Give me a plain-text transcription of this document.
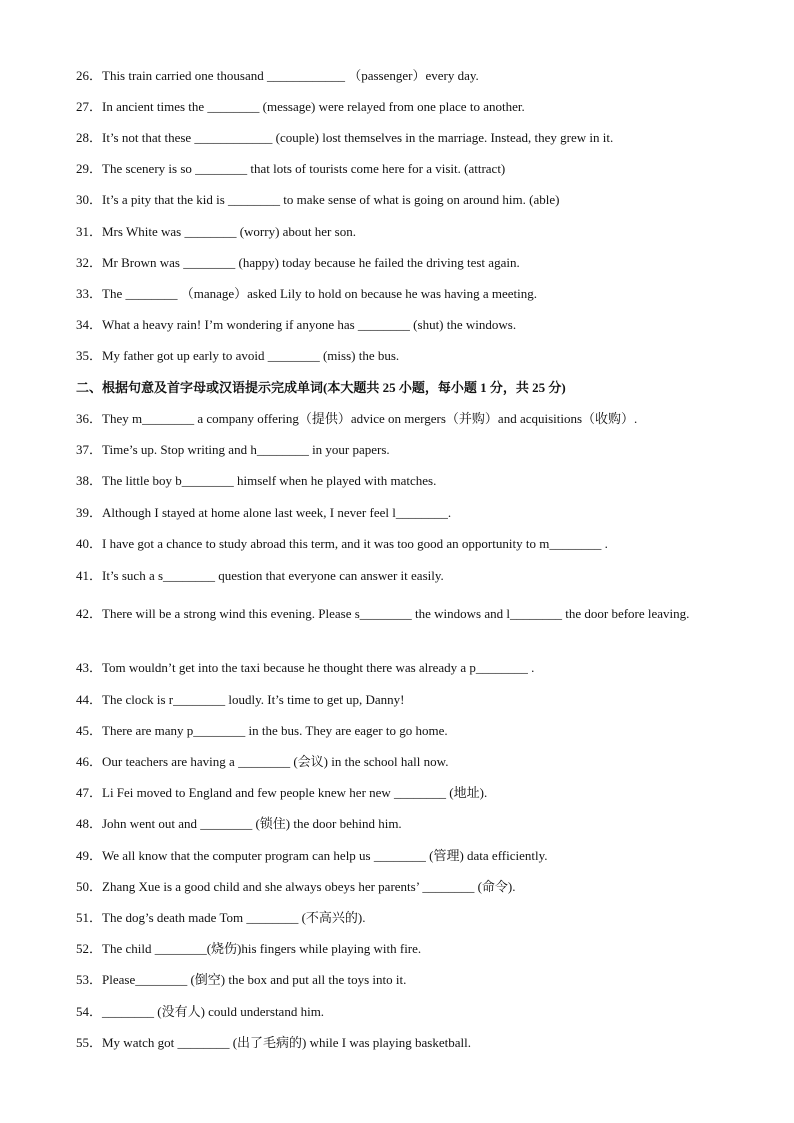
26．This train carried one thousand ____________ （passenger）every day.
27．In ancient times the ________ (message) were relayed from one place to another.
28．It’s not that these ____________ (couple) lost themselves in the marriage. Instead, they grew in it.
29．The scenery is so ________ that lots of tourists come here for a visit. (attract)
30．It’s a pity that the kid is ________ to make sense of what is going on around him. (able)
31．Mrs White was ________ (worry) about her son.
32．Mr Brown was ________ (happy) today because he failed the driving test again.
33．The ________ （manage）asked Lily to hold on because he was having a meeting.
34．What a heavy rain! I’m wondering if anyone has ________ (shut) the windows.
35．My father got up early to avoid ________ (miss) the bus.
二、根据句意及首字母或汉语提示完成单词(本大题共 25 小题，每小题 1 分，共 25 分)
36．They m________ a company offering（提供）advice on mergers（并购）and acquisitions（收购）.
37．Time’s up. Stop writing and h________ in your papers.
38．The little boy b________ himself when he played with matches.
39．Although I stayed at home alone last week, I never feel l________.
40．I have got a chance to study abroad this term, and it was too good an opportunity to m________ .
41．It’s such a s________ question that everyone can answer it easily.
42．There will be a strong wind this evening. Please s________ the windows and l________ the door before leaving.
43．Tom wouldn’t get into the taxi because he thought there was already a p________ .
44．The clock is r________ loudly. It’s time to get up, Danny!
45．There are many p________ in the bus. They are eager to go home.
46．Our teachers are having a ________ (会议) in the school hall now.
47．Li Fei moved to England and few people knew her new ________ (地址).
48．John went out and ________ (锁住) the door behind him.
49．We all know that the computer program can help us ________ (管理) data efficiently.
50．Zhang Xue is a good child and she always obeys her parents’ ________ (命令).
51．The dog’s death made Tom ________ (不高兴的).
52．The child ________(烧伤)his fingers while playing with fire.
53．Please________ (倒空) the box and put all the toys into it.
54．________ (没有人) could understand him.
55．My watch got ________ (出了毛病的) while I was playing basketball.
